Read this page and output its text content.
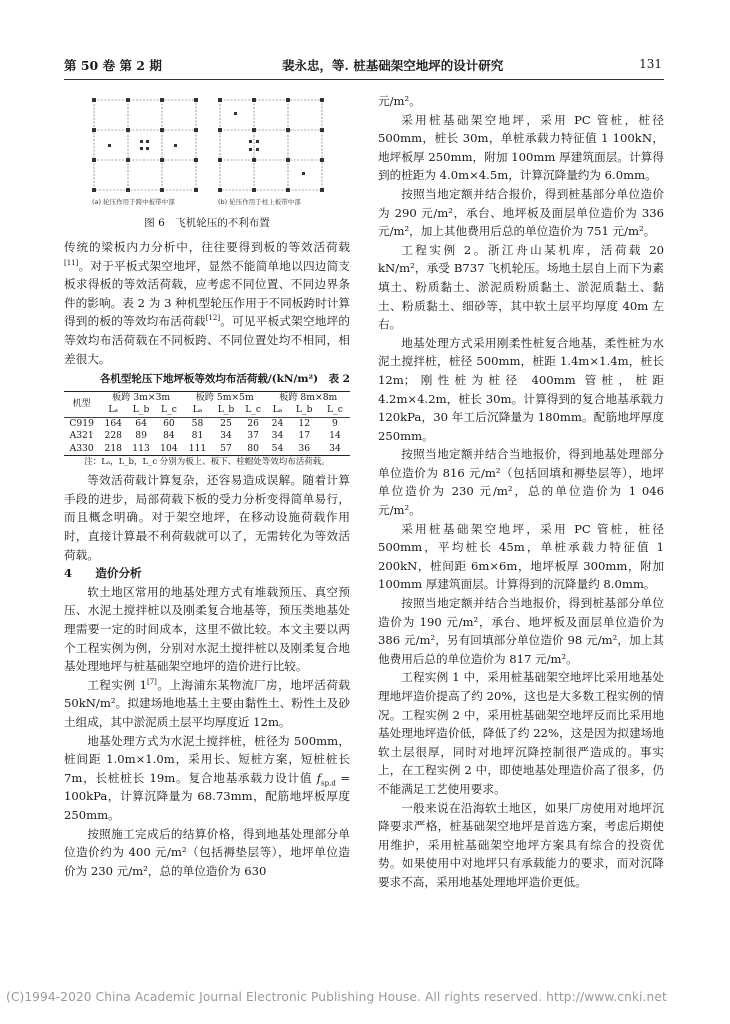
第 50 卷 第 2 期	裴永忠，等. 桩基础架空地坪的设计研究	131
(a) 轮压作用于跨中板带中部	(b) 轮压作用于柱上板带中部
图 6　飞机轮压的不利布置

传统的梁板内力分析中，往往要得到板的等效活荷载[11]。对于平板式架空地坪，显然不能简单地以四边简支板求得板的等效活荷载，应考虑不同位置、不同边界条件的影响。表 2 为 3 种机型轮压作用于不同板跨时计算得到的板的等效均布活荷载[12]。可见平板式架空地坪的等效均布活荷载在不同板跨、不同位置处均不相同，相差很大。

各机型轮压下地坪板等效均布活荷载/(kN/m²)　表 2
机型	板跨 3m×3m			板跨 5m×5m			板跨 8m×8m		
	Lₐ	L_b	L_c	Lₐ	L_b	L_c	Lₐ	L_b	L_c
C919	164	64	60	58	25	26	24	12	9
A321	228	89	84	81	34	37	34	17	14
A330	218	113	104	111	57	80	54	36	34
注：Lₐ，L_b，L_c 分别为板上、板下、柱帽处等效均布活荷载。

等效活荷载计算复杂，还容易造成误解。随着计算手段的进步，局部荷载下板的受力分析变得简单易行，而且概念明确。对于架空地坪，在移动设施荷载作用时，直接计算最不利荷载就可以了，无需转化为等效活荷载。

4   造价分析

软土地区常用的地基处理方式有堆载预压、真空预压、水泥土搅拌桩以及刚柔复合地基等，预压类地基处理需要一定的时间成本，这里不做比较。本文主要以两个工程实例为例，分别对水泥土搅拌桩以及刚柔复合地基处理地坪与桩基础架空地坪的造价进行比较。

工程实例 1[7]。上海浦东某物流厂房，地坪活荷载 50kN/m²。拟建场地地基土主要由黏性土、粉性土及砂土组成，其中淤泥质土层平均厚度近 12m。

地基处理方式为水泥土搅拌桩，桩径为 500mm，桩间距 1.0m×1.0m，采用长、短桩方案，短桩桩长 7m，长桩桩长 19m。复合地基承载力设计值 $f_{sp,d} = 100kPa$，计算沉降量为 68.73mm，配筋地坪板厚度 250mm。

按照施工完成后的结算价格，得到地基处理部分单位造价约为 400 元/m²（包括褥垫层等），地坪单位造价为 230 元/m²，总的单位造价为 630

元/m²。

采用桩基础架空地坪，采用 PC 管桩，桩径 500mm，桩长 30m，单桩承载力特征值 1 100kN，地坪板厚 250mm，附加 100mm 厚建筑面层。计算得到的桩距为 4.0m×4.5m，计算沉降量约为 6.0mm。

按照当地定额并结合报价，得到桩基部分单位造价为 290 元/m²，承台、地坪板及面层单位造价为 336 元/m²，加上其他费用后总的单位造价为 751 元/m²。

工程实例 2。浙江舟山某机库，活荷载 20 kN/m²，承受 B737 飞机轮压。场地土层自上而下为素填土、粉质黏土、淤泥质粉质黏土、淤泥质黏土、黏土、粉质黏土、细砂等，其中软土层平均厚度 40m 左右。

地基处理方式采用刚柔性桩复合地基，柔性桩为水泥土搅拌桩，桩径 500mm，桩距 1.4m×1.4m，桩长 12m；刚性桩为桩径 400mm 管桩，桩距 4.2m×4.2m，桩长 30m。计算得到的复合地基承载力 120kPa，30 年工后沉降量为 180mm。配筋地坪厚度 250mm。

按照当地定额并结合当地报价，得到地基处理部分单位造价为 816 元/m²（包括回填和褥垫层等），地坪单位造价为 230 元/m²，总的单位造价为 1 046 元/m²。

采用桩基础架空地坪，采用 PC 管桩，桩径 500mm，平均桩长 45m，单桩承载力特征值 1 200kN，桩间距 6m×6m，地坪板厚 300mm，附加 100mm 厚建筑面层。计算得到的沉降量约 8.0mm。

按照当地定额并结合当地报价，得到桩基部分单位造价为 190 元/m²，承台、地坪板及面层单位造价为 386 元/m²，另有回填部分单位造价 98 元/m²，加上其他费用后总的单位造价为 817 元/m²。

工程实例 1 中，采用桩基础架空地坪比采用地基处理地坪造价提高了约 20%，这也是大多数工程实例的情况。工程实例 2 中，采用桩基础架空地坪反而比采用地基处理地坪造价低，降低了约 22%，这是因为拟建场地软土层很厚，同时对地坪沉降控制很严造成的。事实上，在工程实例 2 中，即使地基处理造价高了很多，仍不能满足工艺使用要求。

一般来说在沿海软土地区，如果厂房使用对地坪沉降要求严格，桩基础架空地坪是首选方案，考虑后期使用维护，采用桩基础架空地坪方案具有综合的投资优势。如果使用中对地坪只有承载能力的要求，而对沉降要求不高，采用地基处理地坪造价更低。

(C)1994-2020 China Academic Journal Electronic Publishing House. All rights reserved. http://www.cnki.net
